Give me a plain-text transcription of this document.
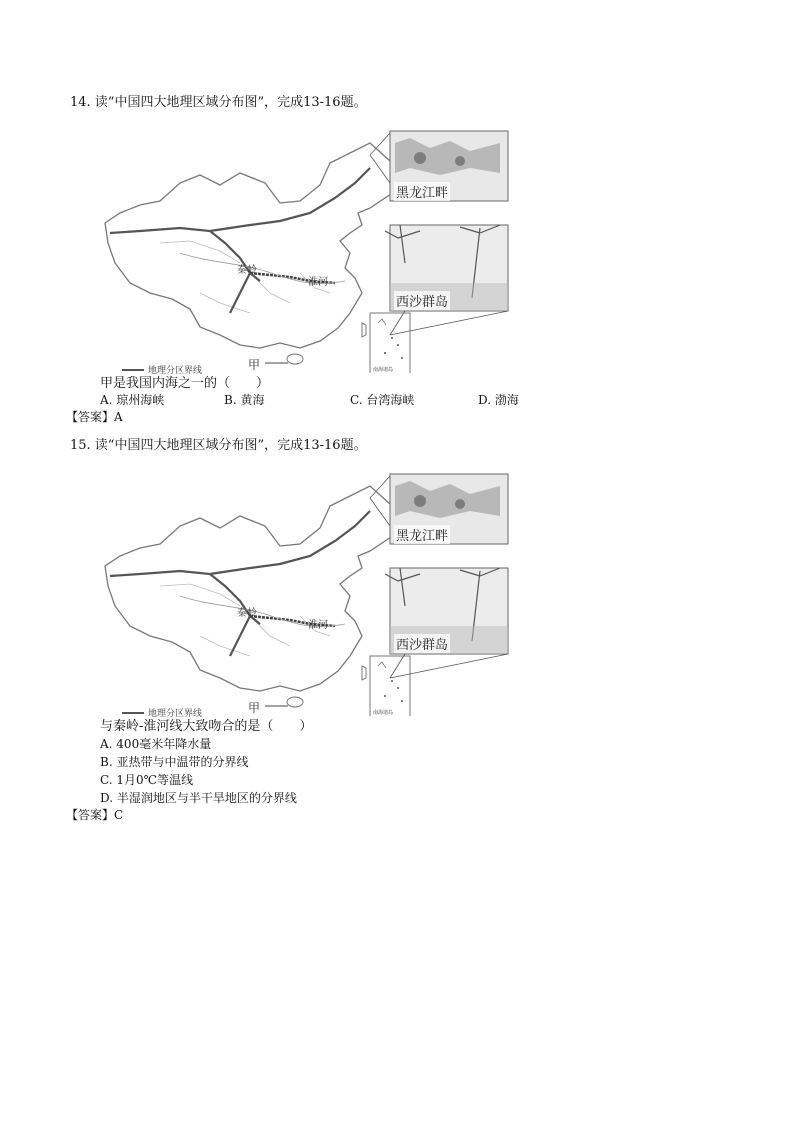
14. 读“中国四大地理区域分布图”，完成13-16题。
黑龙江畔
西沙群岛
秦岭
淮河
甲	南海诸岛
地理分区界线
甲是我国内海之一的（　　）
A. 琼州海峡	B. 黄海	C. 台湾海峡	D. 渤海
【答案】A
15. 读“中国四大地理区域分布图”，完成13-16题。
黑龙江畔
西沙群岛
秦岭
淮河
甲	南海诸岛
地理分区界线
与秦岭-淮河线大致吻合的是（　　）
A. 400毫米年降水量
B. 亚热带与中温带的分界线
C. 1月0℃等温线
D. 半湿润地区与半干旱地区的分界线
【答案】C
